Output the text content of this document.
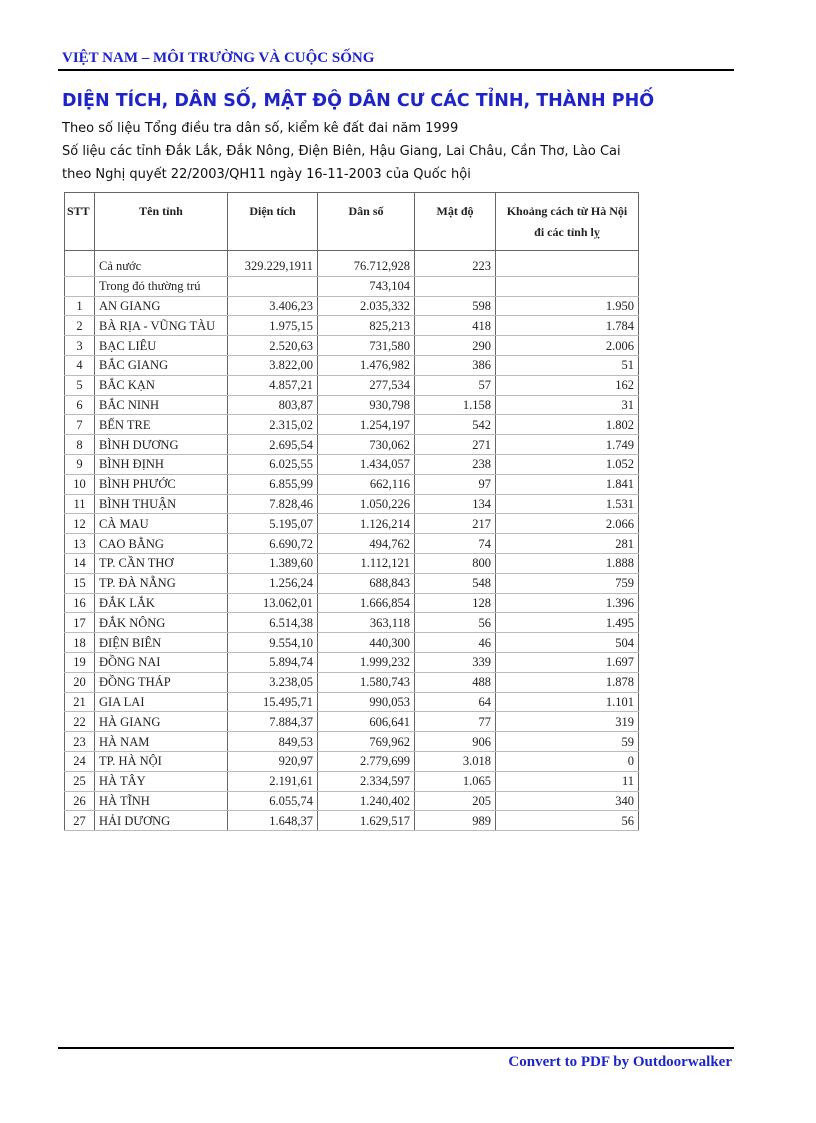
VIỆT NAM – MÔI TRƯỜNG VÀ CUỘC SỐNG
DIỆN TÍCH, DÂN SỐ, MẬT ĐỘ DÂN CƯ CÁC TỈNH, THÀNH PHỐ
Theo số liệu Tổng điều tra dân số, kiểm kê đất đai năm 1999
Số liệu các tỉnh Đắk Lắk, Đắk Nông, Điện Biên, Hậu Giang, Lai Châu, Cần Thơ, Lào Cai
theo Nghị quyết 22/2003/QH11 ngày 16-11-2003 của Quốc hội
STT	Tên tỉnh	Diện tích	Dân số	Mật độ	Khoảng cách từ Hà Nội
đi các tỉnh lỵ
	Cả nước	329.229,1911	76.712,928	223	
	Trong đó thường trú		743,104		
1	AN GIANG	3.406,23	2.035,332	598	1.950
2	BÀ RỊA - VŨNG TÀU	1.975,15	825,213	418	1.784
3	BẠC LIÊU	2.520,63	731,580	290	2.006
4	BẮC GIANG	3.822,00	1.476,982	386	51
5	BẮC KẠN	4.857,21	277,534	57	162
6	BẮC NINH	803,87	930,798	1.158	31
7	BẾN TRE	2.315,02	1.254,197	542	1.802
8	BÌNH DƯƠNG	2.695,54	730,062	271	1.749
9	BÌNH ĐỊNH	6.025,55	1.434,057	238	1.052
10	BÌNH PHƯỚC	6.855,99	662,116	97	1.841
11	BÌNH THUẬN	7.828,46	1.050,226	134	1.531
12	CÀ MAU	5.195,07	1.126,214	217	2.066
13	CAO BẰNG	6.690,72	494,762	74	281
14	TP. CẦN THƠ	1.389,60	1.112,121	800	1.888
15	TP. ĐÀ NẴNG	1.256,24	688,843	548	759
16	ĐẮK LẮK	13.062,01	1.666,854	128	1.396
17	ĐẮK NÔNG	6.514,38	363,118	56	1.495
18	ĐIỆN BIÊN	9.554,10	440,300	46	504
19	ĐỒNG NAI	5.894,74	1.999,232	339	1.697
20	ĐỒNG THÁP	3.238,05	1.580,743	488	1.878
21	GIA LAI	15.495,71	990,053	64	1.101
22	HÀ GIANG	7.884,37	606,641	77	319
23	HÀ NAM	849,53	769,962	906	59
24	TP. HÀ NỘI	920,97	2.779,699	3.018	0
25	HÀ TÂY	2.191,61	2.334,597	1.065	11
26	HÀ TĨNH	6.055,74	1.240,402	205	340
27	HẢI DƯƠNG	1.648,37	1.629,517	989	56
Convert to PDF by Outdoorwalker
